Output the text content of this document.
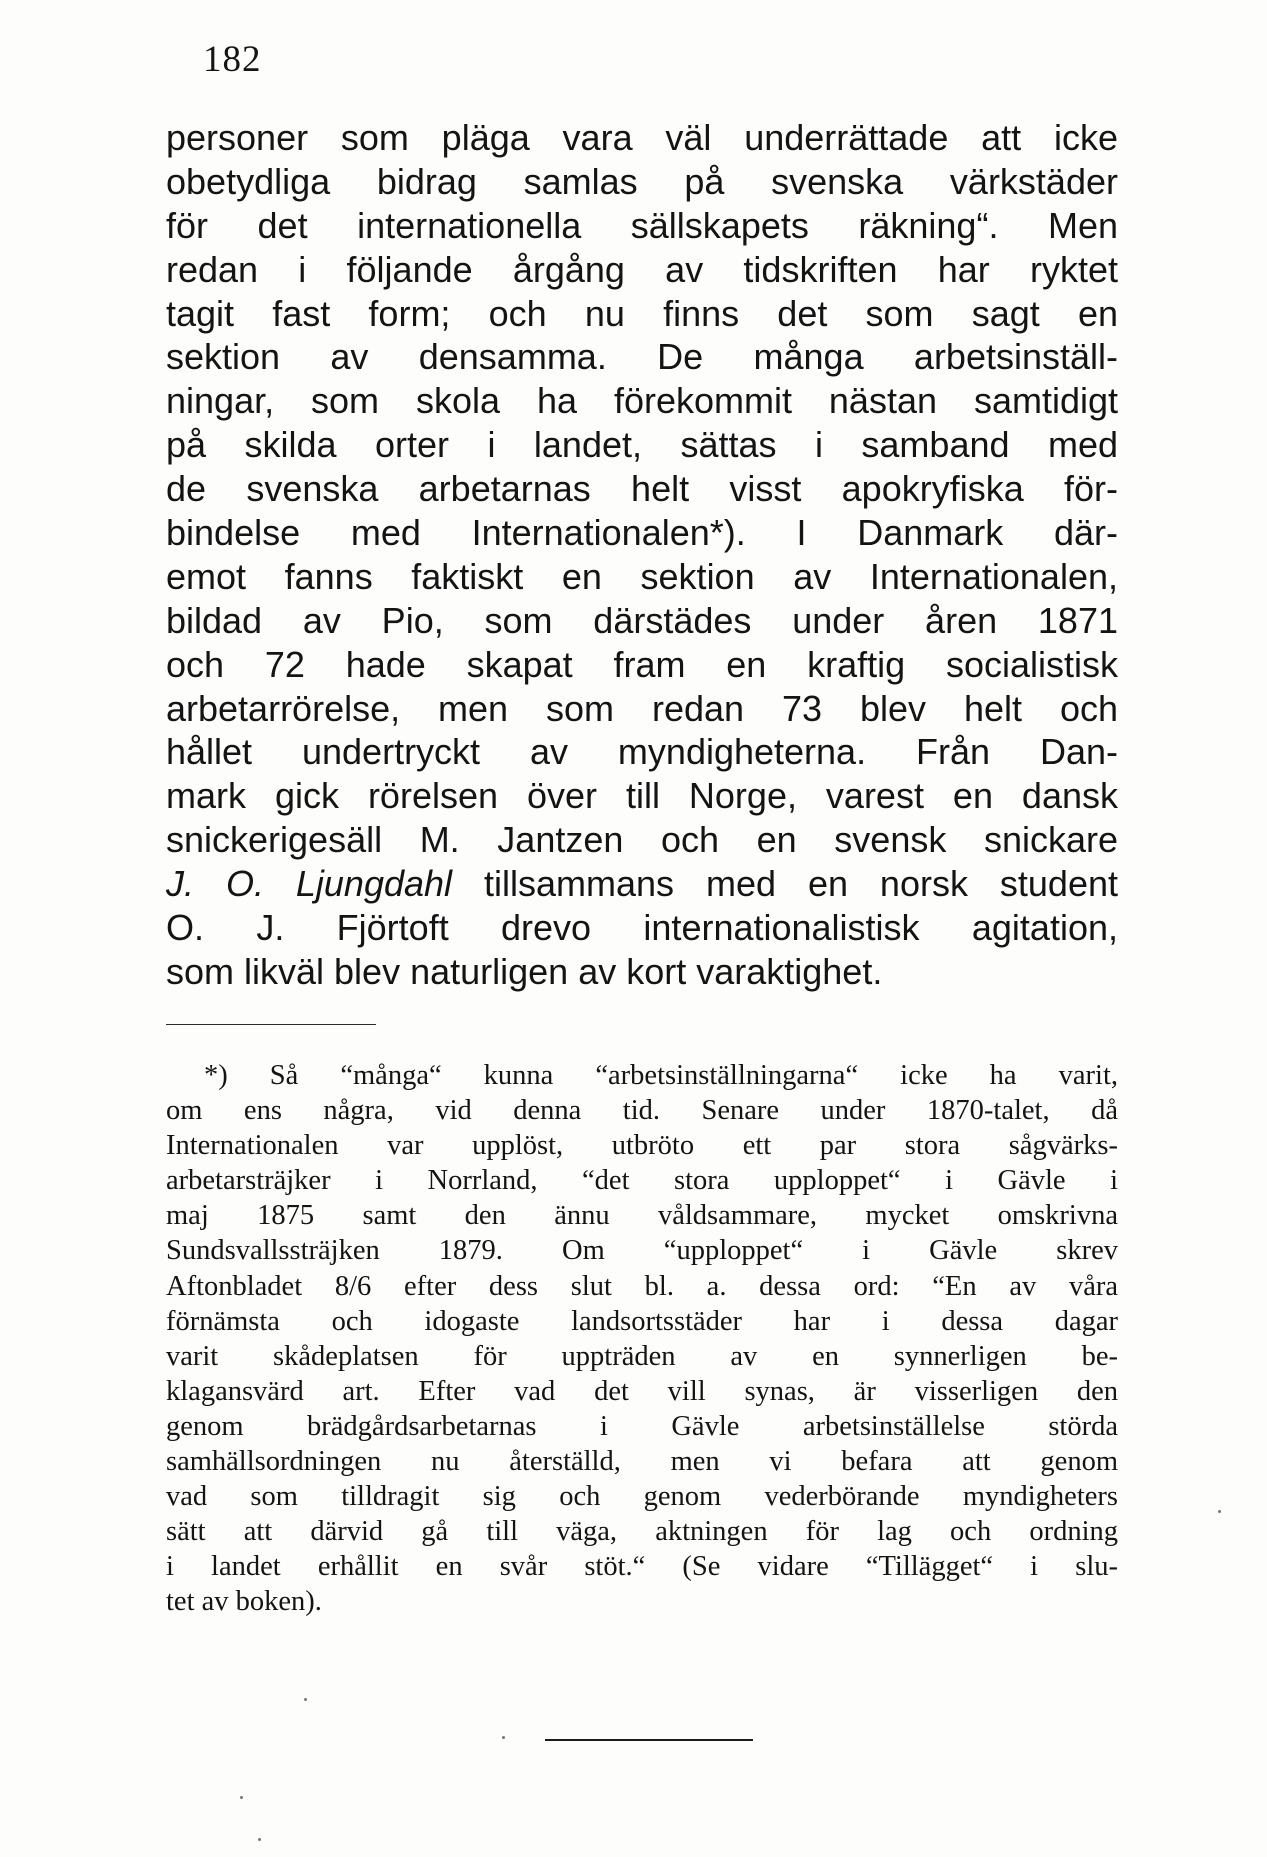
182
personer som pläga vara väl underrättade att icke
obetydliga bidrag samlas på svenska värkstäder
för det internationella sällskapets räkning“. Men
redan i följande årgång av tidskriften har ryktet
tagit fast form; och nu finns det som sagt en
sektion av densamma. De många arbetsinställ-
ningar, som skola ha förekommit nästan samtidigt
på skilda orter i landet, sättas i samband med
de svenska arbetarnas helt visst apokryfiska för-
bindelse med Internationalen*). I Danmark där-
emot fanns faktiskt en sektion av Internationalen,
bildad av Pio, som därstädes under åren 1871
och 72 hade skapat fram en kraftig socialistisk
arbetarrörelse, men som redan 73 blev helt och
hållet undertryckt av myndigheterna. Från Dan-
mark gick rörelsen över till Norge, varest en dansk
snickerigesäll M. Jantzen och en svensk snickare
J. O. Ljungdahl tillsammans med en norsk student
O. J. Fjörtoft drevo internationalistisk agitation,
som likväl blev naturligen av kort varaktighet.
*) Så “många“ kunna “arbetsinställningarna“ icke ha varit,
om ens några, vid denna tid. Senare under 1870-talet, då
Internationalen var upplöst, utbröto ett par stora sågvärks-
arbetarsträjker i Norrland, “det stora upploppet“ i Gävle i
maj 1875 samt den ännu våldsammare, mycket omskrivna
Sundsvallssträjken 1879. Om “upploppet“ i Gävle skrev
Aftonbladet 8/6 efter dess slut bl. a. dessa ord: “En av våra
förnämsta och idogaste landsortsstäder har i dessa dagar
varit skådeplatsen för uppträden av en synnerligen be-
klagansvärd art. Efter vad det vill synas, är visserligen den
genom brädgårdsarbetarnas i Gävle arbetsinställelse störda
samhällsordningen nu återställd, men vi befara att genom
vad som tilldragit sig och genom vederbörande myndigheters
sätt att därvid gå till väga, aktningen för lag och ordning
i landet erhållit en svår stöt.“ (Se vidare “Tillägget“ i slu-
tet av boken).
